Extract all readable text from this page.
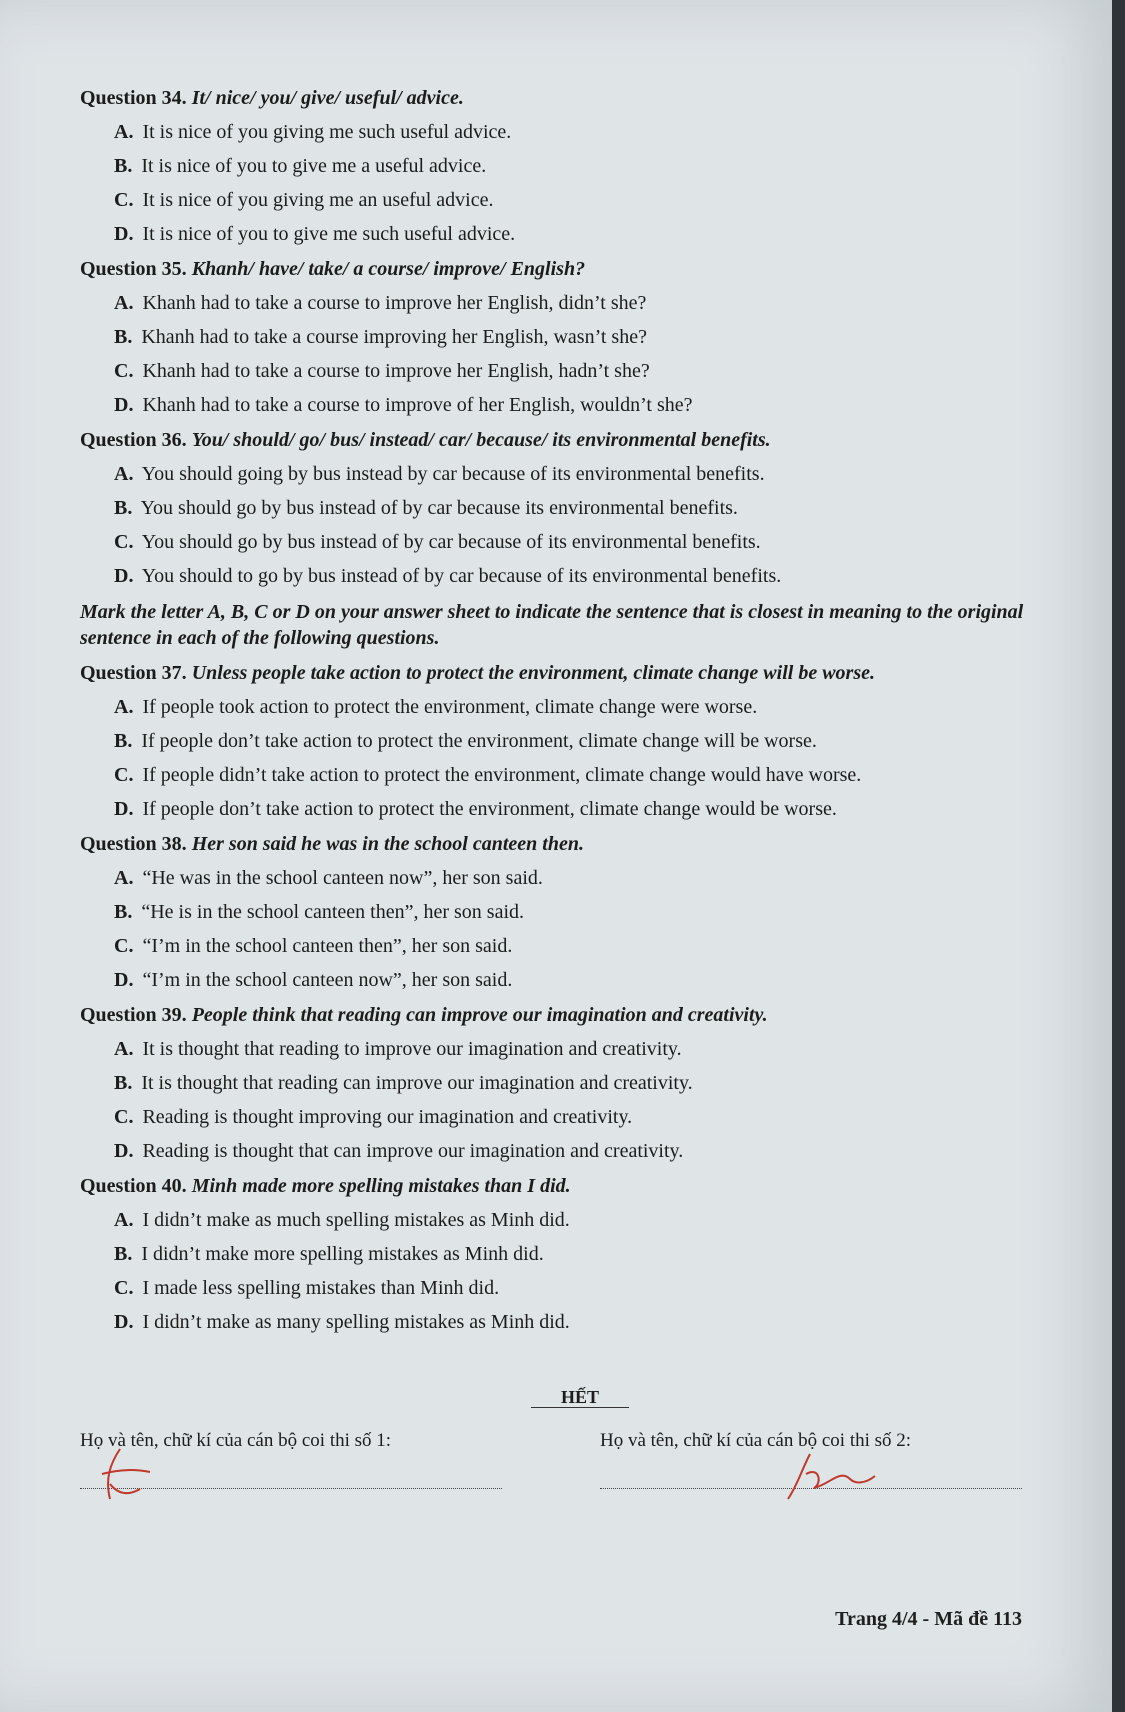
Question 34. It/ nice/ you/ give/ useful/ advice.
A. It is nice of you giving me such useful advice.
B. It is nice of you to give me a useful advice.
C. It is nice of you giving me an useful advice.
D. It is nice of you to give me such useful advice.
Question 35. Khanh/ have/ take/ a course/ improve/ English?
A. Khanh had to take a course to improve her English, didn’t she?
B. Khanh had to take a course improving her English, wasn’t she?
C. Khanh had to take a course to improve her English, hadn’t she?
D. Khanh had to take a course to improve of her English, wouldn’t she?
Question 36. You/ should/ go/ bus/ instead/ car/ because/ its environmental benefits.
A. You should going by bus instead by car because of its environmental benefits.
B. You should go by bus instead of by car because its environmental benefits.
C. You should go by bus instead of by car because of its environmental benefits.
D. You should to go by bus instead of by car because of its environmental benefits.
Mark the letter A, B, C or D on your answer sheet to indicate the sentence that is closest in meaning to the original sentence in each of the following questions.
Question 37. Unless people take action to protect the environment, climate change will be worse.
A. If people took action to protect the environment, climate change were worse.
B. If people don’t take action to protect the environment, climate change will be worse.
C. If people didn’t take action to protect the environment, climate change would have worse.
D. If people don’t take action to protect the environment, climate change would be worse.
Question 38. Her son said he was in the school canteen then.
A. “He was in the school canteen now”, her son said.
B. “He is in the school canteen then”, her son said.
C. “I’m in the school canteen then”, her son said.
D. “I’m in the school canteen now”, her son said.
Question 39. People think that reading can improve our imagination and creativity.
A. It is thought that reading to improve our imagination and creativity.
B. It is thought that reading can improve our imagination and creativity.
C. Reading is thought improving our imagination and creativity.
D. Reading is thought that can improve our imagination and creativity.
Question 40. Minh made more spelling mistakes than I did.
A. I didn’t make as much spelling mistakes as Minh did.
B. I didn’t make more spelling mistakes as Minh did.
C. I made less spelling mistakes than Minh did.
D. I didn’t make as many spelling mistakes as Minh did.
HẾT
Họ và tên, chữ kí của cán bộ coi thi số 1:	Họ và tên, chữ kí của cán bộ coi thi số 2:
Trang 4/4 - Mã đề 113
